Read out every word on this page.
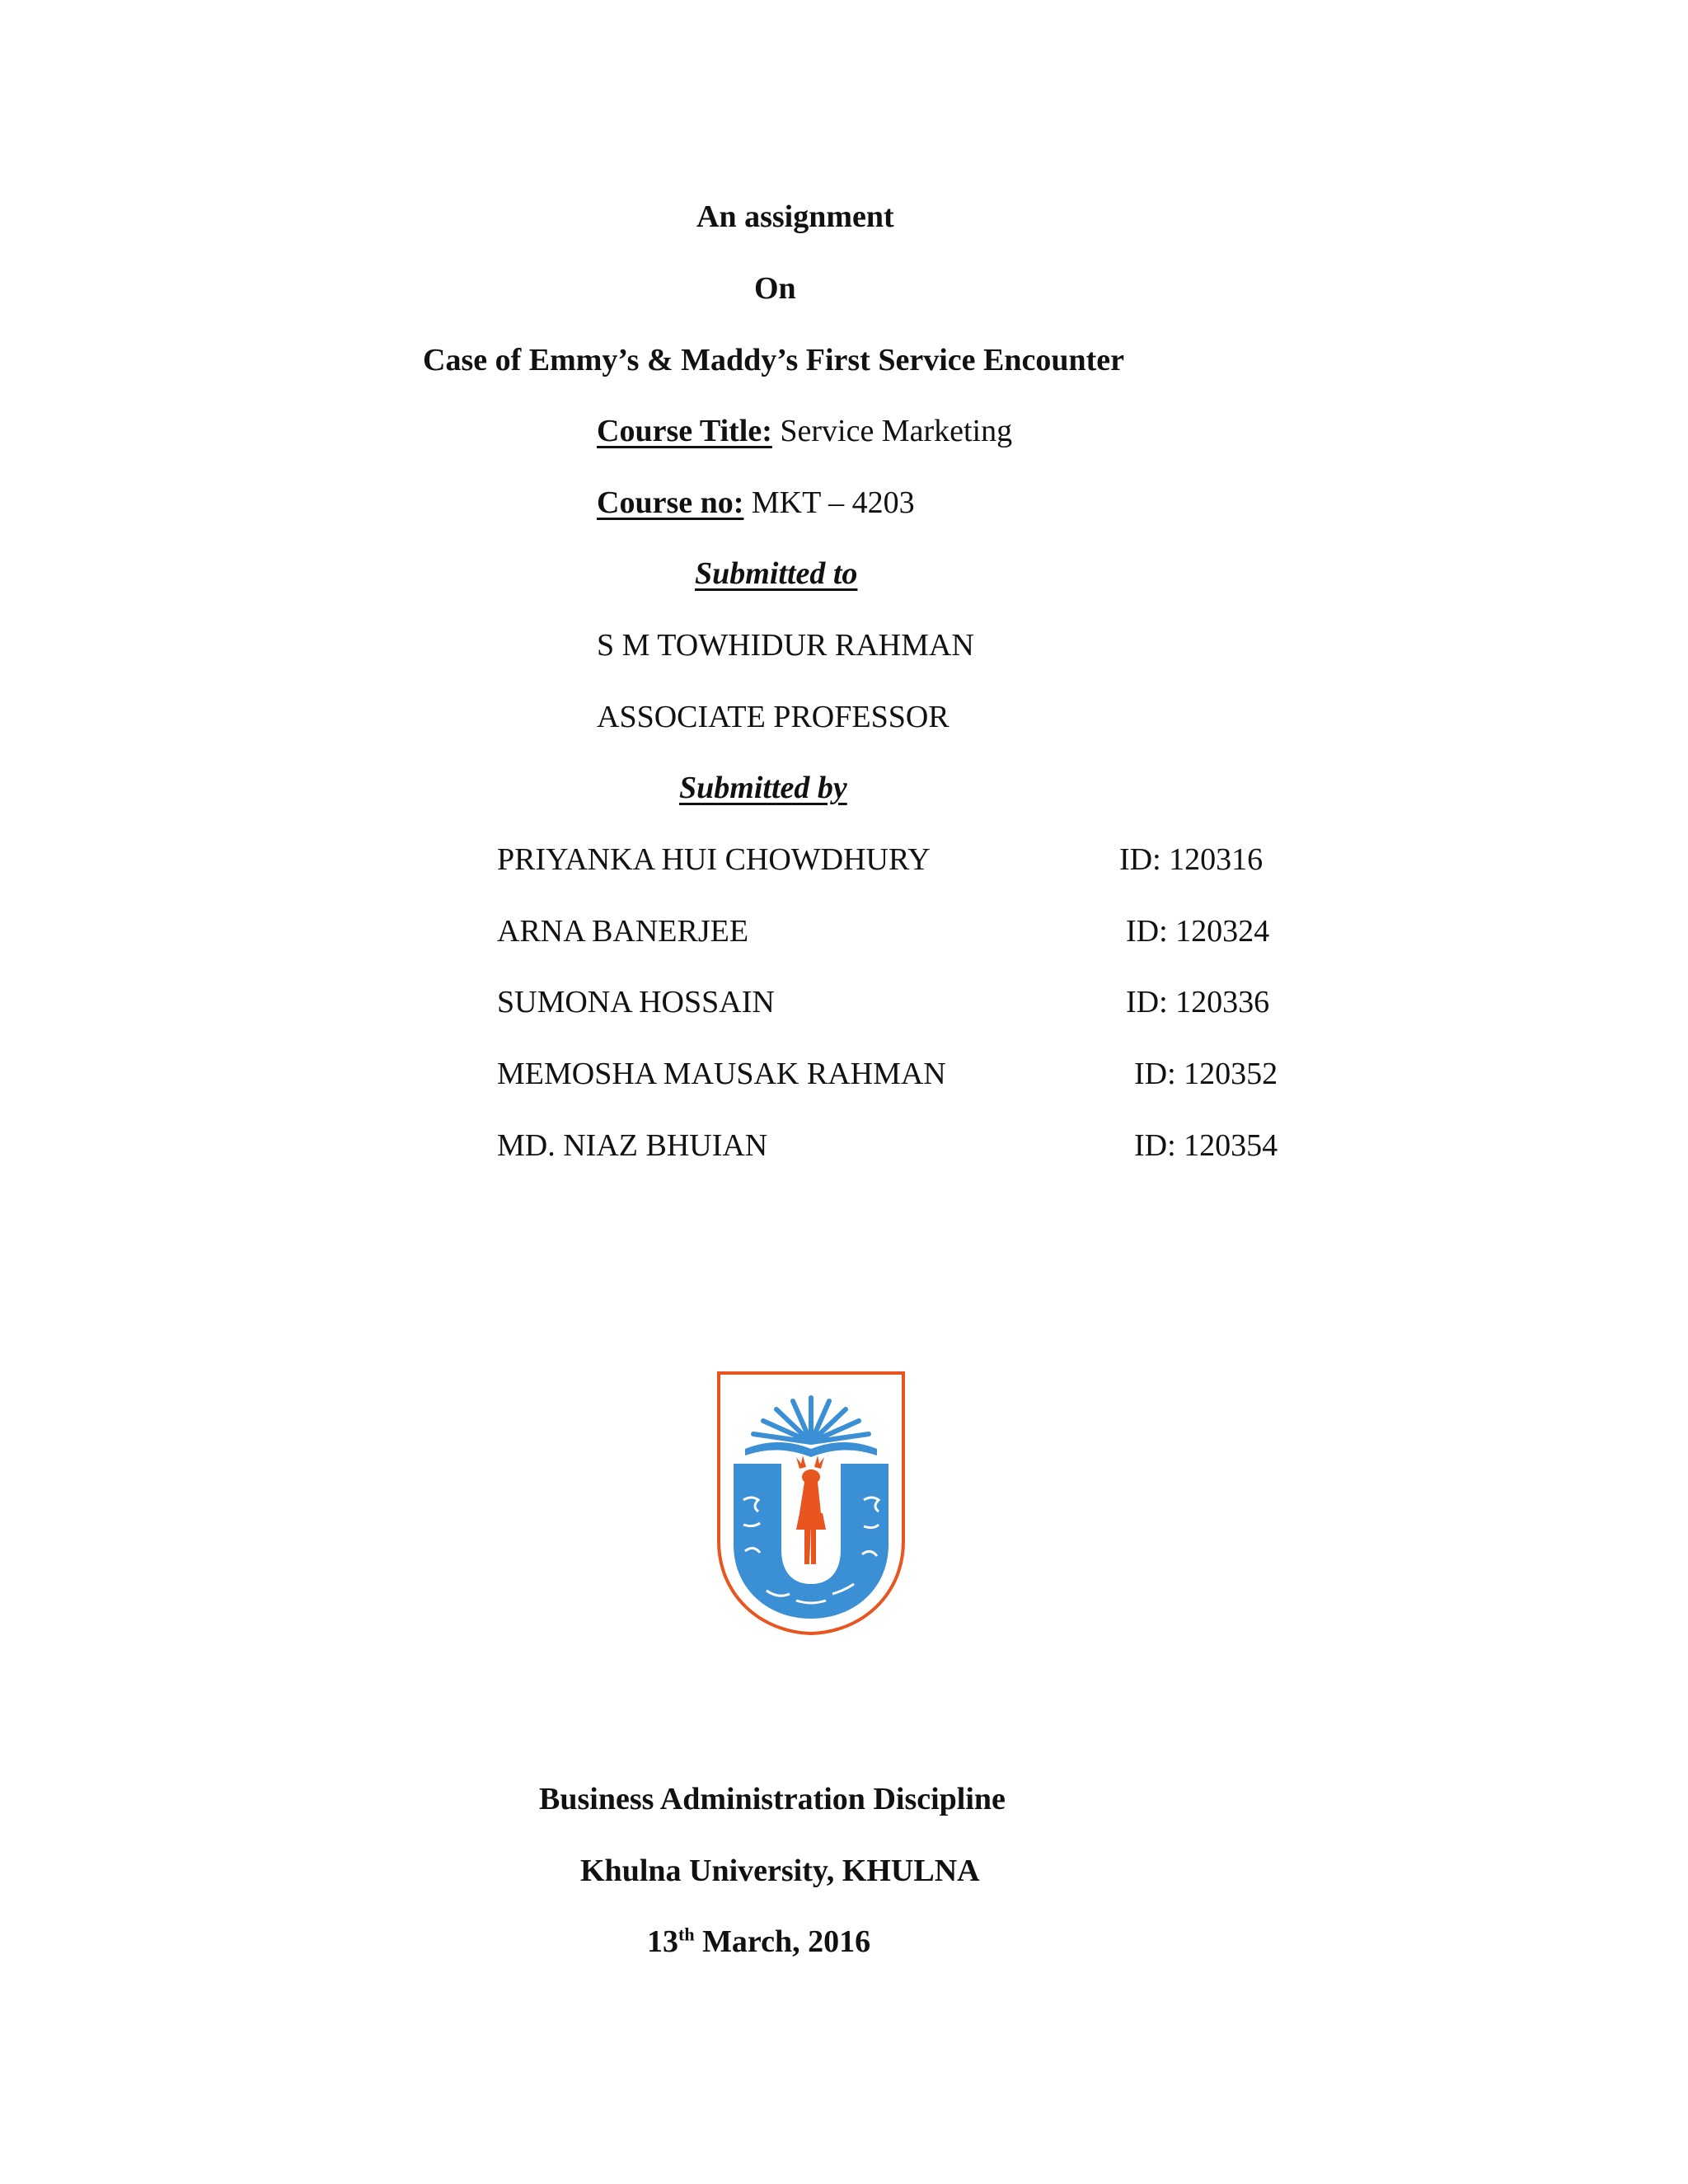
An assignment
On
Case of Emmy’s & Maddy’s First Service Encounter
Course Title: Service Marketing
Course no: MKT – 4203
Submitted to
S M TOWHIDUR RAHMAN
ASSOCIATE PROFESSOR
Submitted by
PRIYANKA HUI CHOWDHURY	ID: 120316
ARNA BANERJEE	ID: 120324
SUMONA HOSSAIN	ID: 120336
MEMOSHA MAUSAK RAHMAN	ID: 120352
MD. NIAZ BHUIAN	ID: 120354
Business Administration Discipline
Khulna University, KHULNA
13th March, 2016
